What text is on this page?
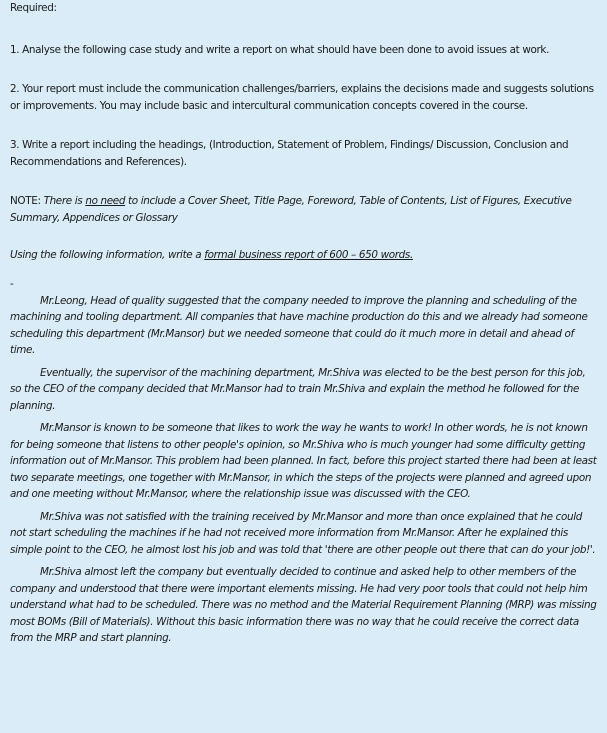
Required:

1. Analyse the following case study and write a report on what should have been done to avoid issues at work.

2. Your report must include the communication challenges/barriers, explains the decisions made and suggests solutions or improvements. You may include basic and intercultural communication concepts covered in the course.

3. Write a report including the headings, (Introduction, Statement of Problem, Findings/ Discussion, Conclusion and Recommendations and References).

NOTE: There is no need to include a Cover Sheet, Title Page, Foreword, Table of Contents, List of Figures, Executive Summary, Appendices or Glossary

Using the following information, write a formal business report of 600 – 650 words.

-

Mr.Leong, Head of quality suggested that the company needed to improve the planning and scheduling of the machining and tooling department. All companies that have machine production do this and we already had someone scheduling this department (Mr.Mansor) but we needed someone that could do it much more in detail and ahead of time.

Eventually, the supervisor of the machining department, Mr.Shiva was elected to be the best person for this job, so the CEO of the company decided that Mr.Mansor had to train Mr.Shiva and explain the method he followed for the planning.

Mr.Mansor is known to be someone that likes to work the way he wants to work! In other words, he is not known for being someone that listens to other people's opinion, so Mr.Shiva who is much younger had some difficulty getting information out of Mr.Mansor. This problem had been planned. In fact, before this project started there had been at least two separate meetings, one together with Mr.Mansor, in which the steps of the projects were planned and agreed upon and one meeting without Mr.Mansor, where the relationship issue was discussed with the CEO.

Mr.Shiva was not satisfied with the training received by Mr.Mansor and more than once explained that he could not start scheduling the machines if he had not received more information from Mr.Mansor. After he explained this simple point to the CEO, he almost lost his job and was told that 'there are other people out there that can do your job!'.

Mr.Shiva almost left the company but eventually decided to continue and asked help to other members of the company and understood that there were important elements missing. He had very poor tools that could not help him understand what had to be scheduled. There was no method and the Material Requirement Planning (MRP) was missing most BOMs (Bill of Materials). Without this basic information there was no way that he could receive the correct data from the MRP and start planning.
